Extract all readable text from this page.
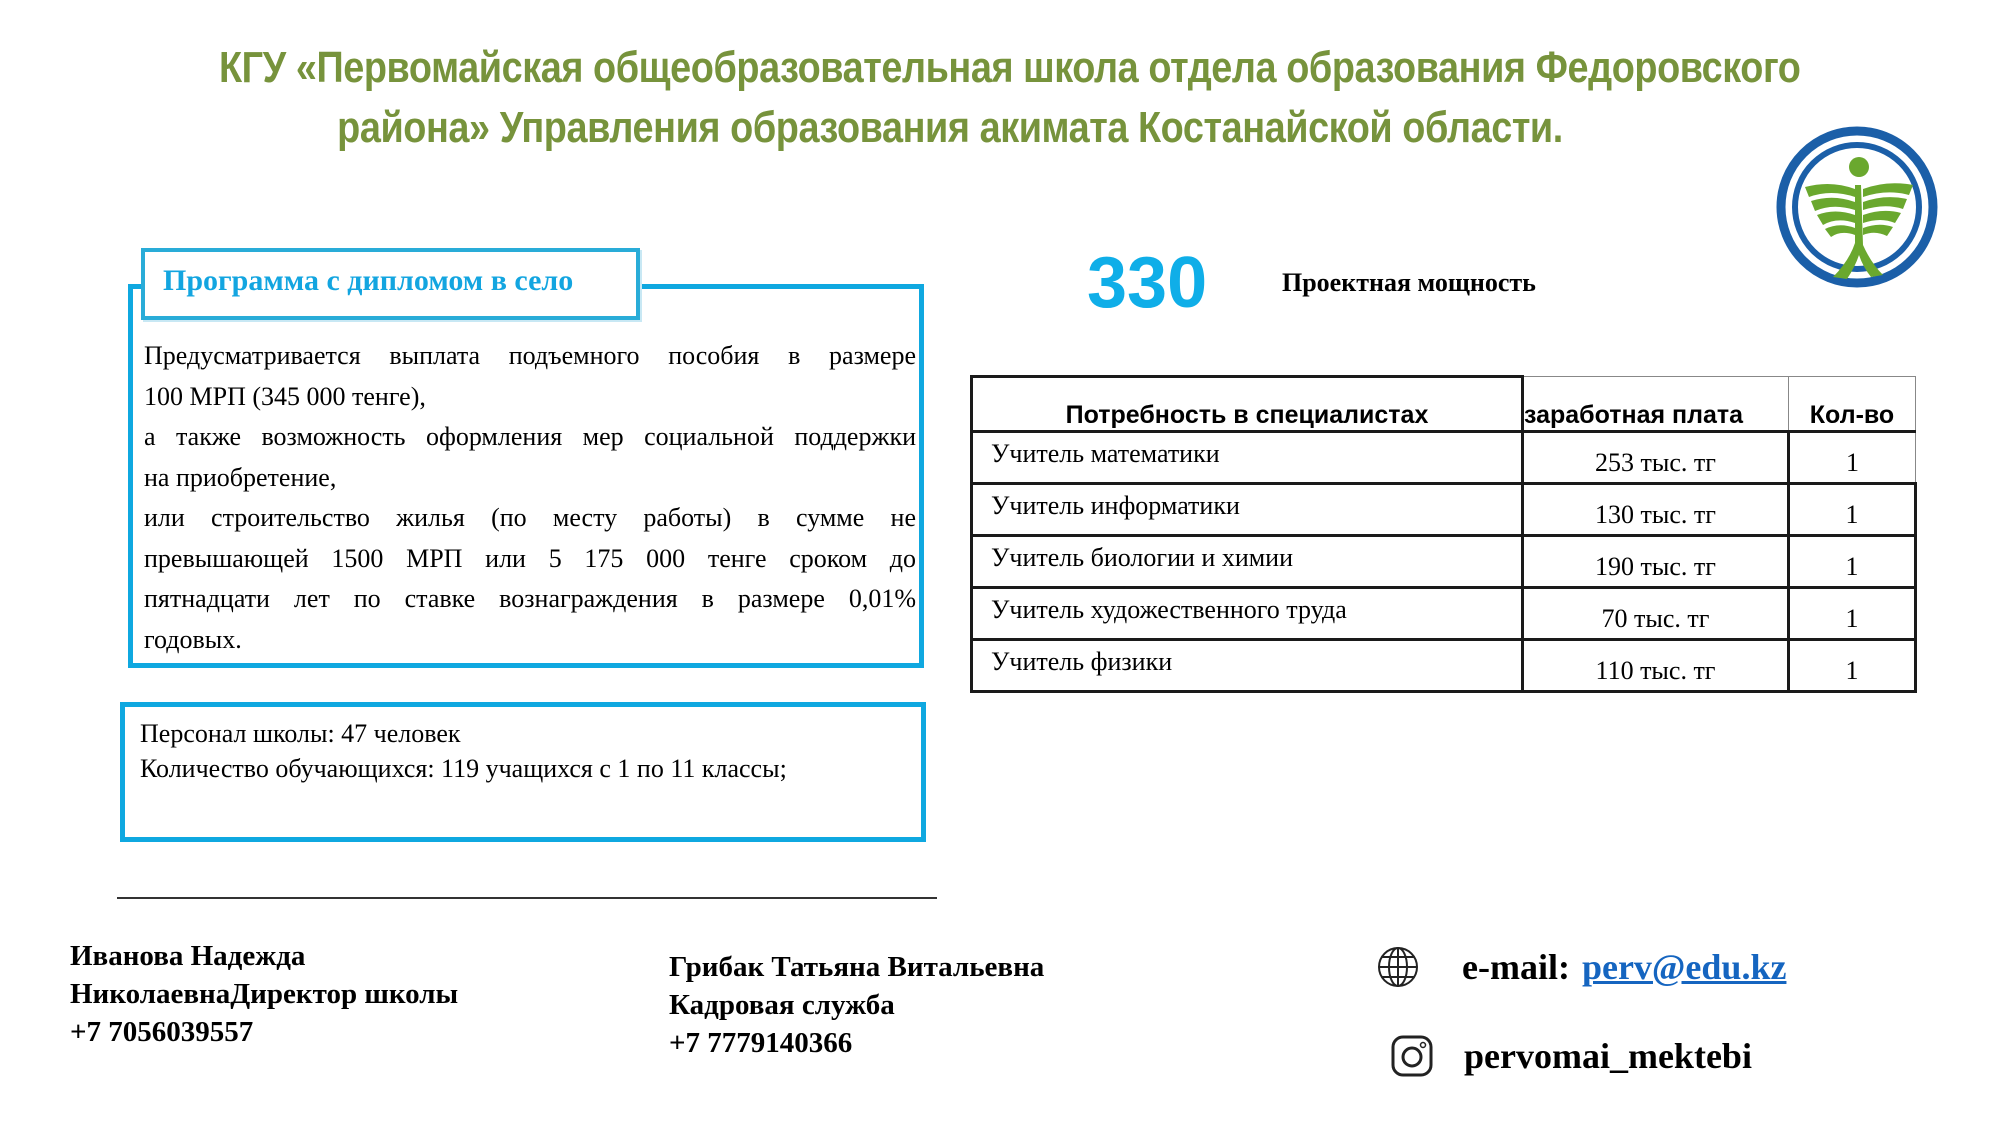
КГУ «Первомайская общеобразовательная школа отдела образования Федоровского
района» Управления образования акимата Костанайской области.
Программа с дипломом в село

Предусматривается выплата подъемного пособия в размере

100 МРП (345 000 тенге),

а также возможность оформления мер социальной поддержки

на приобретение,

или строительство жилья (по месту работы) в сумме не

превышающей 1500 МРП или 5 175 000 тенге сроком до

пятнадцати лет по ставке вознаграждения в размере 0,01%

годовых.

Персонал школы: 47 человек
Количество обучающихся: 119 учащихся с 1 по 11 классы;
330	Проектная мощность
Потребность в специалистах	заработная плата	Кол-во
Учитель математики	253 тыс. тг	1
Учитель информатики	130 тыс. тг	1
Учитель биологии и химии	190 тыс. тг	1
Учитель художественного труда	70 тыс. тг	1
Учитель физики	110 тыс. тг	1
Иванова Надежда
НиколаевнаДиректор школы
+7 7056039557
Грибак Татьяна Витальевна
Кадровая служба
+7 7779140366
e-mail: perv@edu.kz
pervomai_mektebi
